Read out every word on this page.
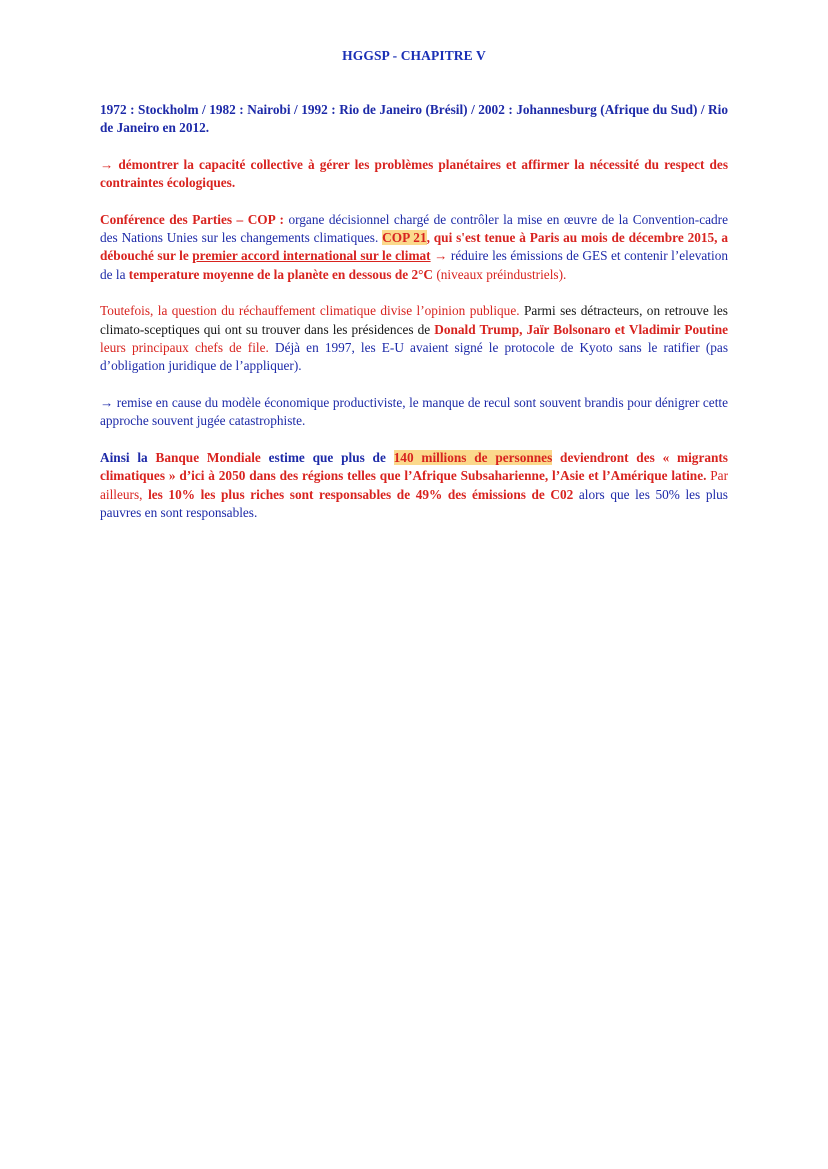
HGGSP - CHAPITRE V

1972 : Stockholm / 1982 : Nairobi / 1992 : Rio de Janeiro (Brésil) / 2002 : Johannesburg (Afrique du Sud) / Rio de Janeiro en 2012.

→ démontrer la capacité collective à gérer les problèmes planétaires et affirmer la nécessité du respect des contraintes écologiques.

Conférence des Parties – COP : organe décisionnel chargé de contrôler la mise en œuvre de la Convention-cadre des Nations Unies sur les changements climatiques. COP 21, qui s'est tenue à Paris au mois de décembre 2015, a débouché sur le premier accord international sur le climat → réduire les émissions de GES et contenir l’elevation de la temperature moyenne de la planète en dessous de 2°C (niveaux préindustriels).

Toutefois, la question du réchauffement climatique divise l’opinion publique. Parmi ses détracteurs, on retrouve les climato-sceptiques qui ont su trouver dans les présidences de Donald Trump, Jaïr Bolsonaro et Vladimir Poutine leurs principaux chefs de file. Déjà en 1997, les E-U avaient signé le protocole de Kyoto sans le ratifier (pas d’obligation juridique de l’appliquer).

→ remise en cause du modèle économique productiviste, le manque de recul sont souvent brandis pour dénigrer cette approche souvent jugée catastrophiste.

Ainsi la Banque Mondiale estime que plus de 140 millions de personnes deviendront des « migrants climatiques » d’ici à 2050 dans des régions telles que l’Afrique Subsaharienne, l’Asie et l’Amérique latine. Par ailleurs, les 10% les plus riches sont responsables de 49% des émissions de C02 alors que les 50% les plus pauvres en sont responsables.
